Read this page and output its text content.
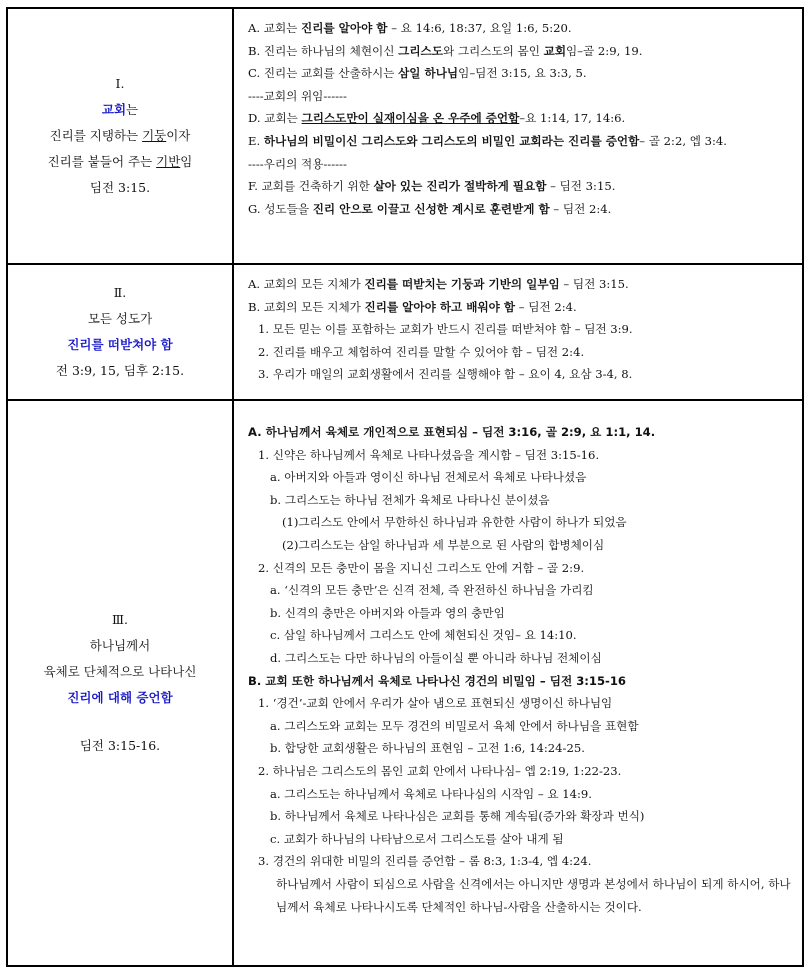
Ⅰ.
교회는
진리를 지탱하는 기둥이자
진리를 붙들어 주는 기반임
딤전 3:15.
A. 교회는 진리를 알아야 함 – 요 14:6, 18:37, 요일 1:6, 5:20.
B. 진리는 하나님의 체현이신 그리스도와 그리스도의 몸인 교회임–골 2:9, 19.
C. 진리는 교회를 산출하시는 삼일 하나님임–딤전 3:15, 요 3:3, 5.
----교회의 위임------
D. 교회는 그리스도만이 실재이심을 온 우주에 증언함–요 1:14, 17, 14:6.
E. 하나님의 비밀이신 그리스도와 그리스도의 비밀인 교회라는 진리를 증언함– 골 2:2, 엡 3:4.
----우리의 적용------
F. 교회를 건축하기 위한 살아 있는 진리가 절박하게 필요함 – 딤전 3:15.
G. 성도들을 진리 안으로 이끌고 신성한 계시로 훈련받게 함 – 딤전 2:4.
Ⅱ.
모든 성도가
진리를 떠받쳐야 함
전 3:9, 15, 딤후 2:15.
A. 교회의 모든 지체가 진리를 떠받치는 기둥과 기반의 일부임 – 딤전 3:15.
B. 교회의 모든 지체가 진리를 알아야 하고 배워야 함 – 딤전 2:4.
1. 모든 믿는 이를 포함하는 교회가 반드시 진리를 떠받쳐야 함 – 딤전 3:9.
2. 진리를 배우고 체험하여 진리를 말할 수 있어야 함 – 딤전 2:4.
3. 우리가 매일의 교회생활에서 진리를 실행해야 함 – 요이 4, 요삼 3-4, 8.
Ⅲ.
하나님께서
육체로 단체적으로 나타나신
진리에 대해 증언함
딤전 3:15-16.
A. 하나님께서 육체로 개인적으로 표현되심 – 딤전 3:16, 골 2:9, 요 1:1, 14.
1. 신약은 하나님께서 육체로 나타나셨음을 계시함 – 딤전 3:15-16.
a. 아버지와 아들과 영이신 하나님 전체로서 육체로 나타나셨음
b. 그리스도는 하나님 전체가 육체로 나타나신 분이셨음
(1)그리스도 안에서 무한하신 하나님과 유한한 사람이 하나가 되었음
(2)그리스도는 삼일 하나님과 세 부분으로 된 사람의 합병체이심
2. 신격의 모든 충만이 몸을 지니신 그리스도 안에 거함 – 골 2:9.
a. ‘신격의 모든 충만’은 신격 전체, 즉 완전하신 하나님을 가리킴
b. 신격의 충만은 아버지와 아들과 영의 충만임
c. 삼일 하나님께서 그리스도 안에 체현되신 것임– 요 14:10.
d. 그리스도는 다만 하나님의 아들이실 뿐 아니라 하나님 전체이심
B. 교회 또한 하나님께서 육체로 나타나신 경건의 비밀임 – 딤전 3:15-16
1. ‘경건’-교회 안에서 우리가 살아 냄으로 표현되신 생명이신 하나님임
a. 그리스도와 교회는 모두 경건의 비밀로서 육체 안에서 하나님을 표현함
b. 합당한 교회생활은 하나님의 표현임 – 고전 1:6, 14:24-25.
2. 하나님은 그리스도의 몸인 교회 안에서 나타나심– 엡 2:19, 1:22-23.
a. 그리스도는 하나님께서 육체로 나타나심의 시작임 – 요 14:9.
b. 하나님께서 육체로 나타나심은 교회를 통해 계속됨(증가와 확장과 번식)
c. 교회가 하나님의 나타남으로서 그리스도를 살아 내게 됨
3. 경건의 위대한 비밀의 진리를 증언함 – 롬 8:3, 1:3-4, 엡 4:24.
하나님께서 사람이 되심으로 사람을 신격에서는 아니지만 생명과 본성에서 하나님이 되게 하시어, 하나님께서 육체로 나타나시도록 단체적인 하나님-사람을 산출하시는 것이다.
